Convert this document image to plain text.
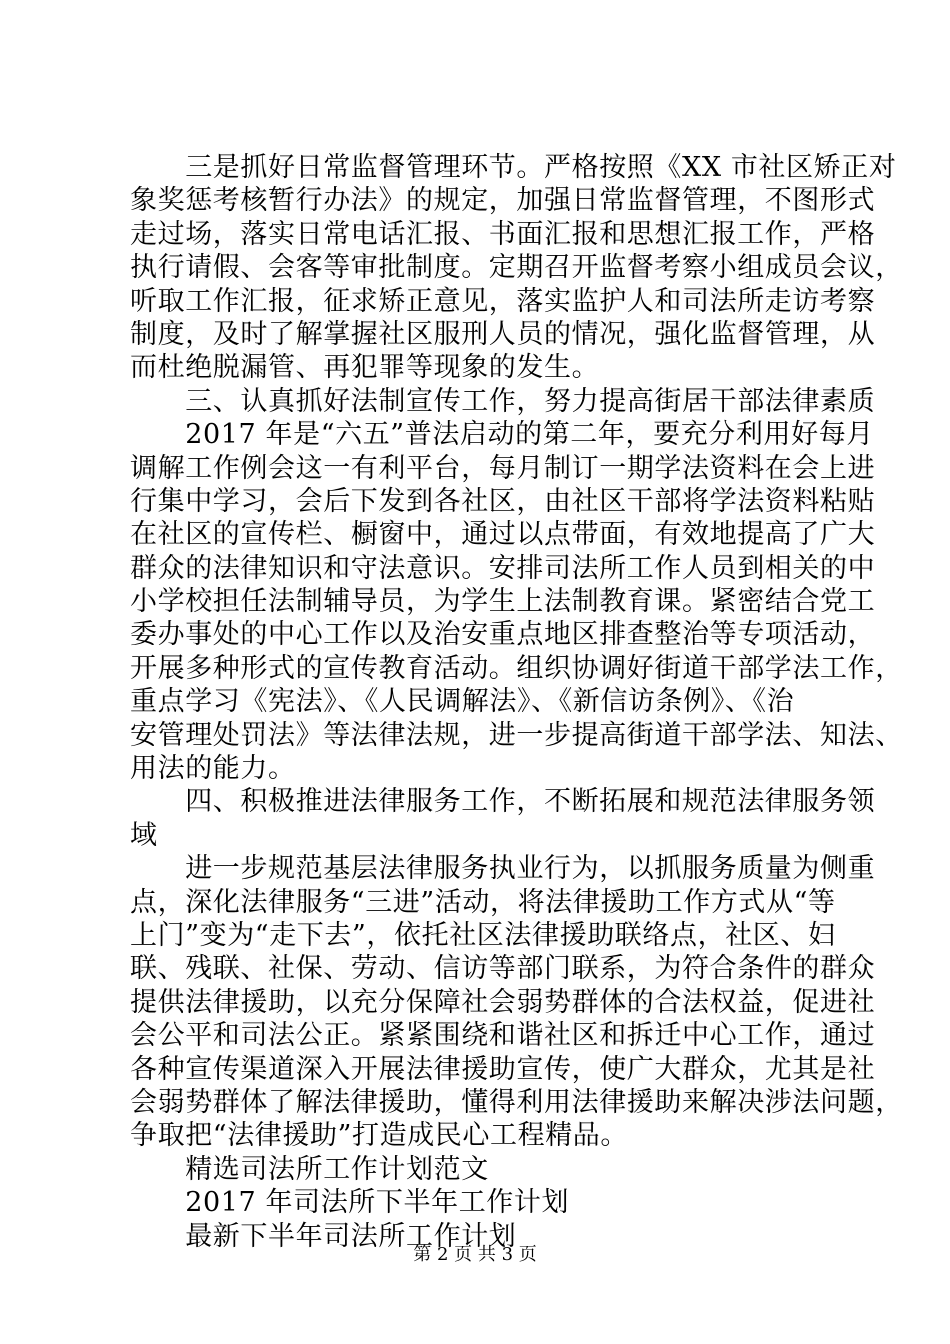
　　三是抓好日常监督管理环节。严格按照《XX 市社区矫正对
象奖惩考核暂行办法》的规定，加强日常监督管理，不图形式
走过场，落实日常电话汇报、书面汇报和思想汇报工作，严格
执行请假、会客等审批制度。定期召开监督考察小组成员会议，
听取工作汇报，征求矫正意见，落实监护人和司法所走访考察
制度，及时了解掌握社区服刑人员的情况，强化监督管理，从
而杜绝脱漏管、再犯罪等现象的发生。
　　三、认真抓好法制宣传工作，努力提高街居干部法律素质
　　2017 年是“六五”普法启动的第二年，要充分利用好每月
调解工作例会这一有利平台，每月制订一期学法资料在会上进
行集中学习，会后下发到各社区，由社区干部将学法资料粘贴
在社区的宣传栏、橱窗中，通过以点带面，有效地提高了广大
群众的法律知识和守法意识。安排司法所工作人员到相关的中
小学校担任法制辅导员，为学生上法制教育课。紧密结合党工
委办事处的中心工作以及治安重点地区排查整治等专项活动，
开展多种形式的宣传教育活动。组织协调好街道干部学法工作，
重点学习《宪法》、《人民调解法》、《新信访条例》、《治
安管理处罚法》等法律法规，进一步提高街道干部学法、知法、
用法的能力。
　　四、积极推进法律服务工作，不断拓展和规范法律服务领
域
　　进一步规范基层法律服务执业行为，以抓服务质量为侧重
点，深化法律服务“三进”活动，将法律援助工作方式从“等
上门”变为“走下去”，依托社区法律援助联络点，社区、妇
联、残联、社保、劳动、信访等部门联系，为符合条件的群众
提供法律援助，以充分保障社会弱势群体的合法权益，促进社
会公平和司法公正。紧紧围绕和谐社区和拆迁中心工作，通过
各种宣传渠道深入开展法律援助宣传，使广大群众，尤其是社
会弱势群体了解法律援助，懂得利用法律援助来解决涉法问题，
争取把“法律援助”打造成民心工程精品。
　　精选司法所工作计划范文
　　2017 年司法所下半年工作计划
　　最新下半年司法所工作计划
第 2 页 共 3 页
